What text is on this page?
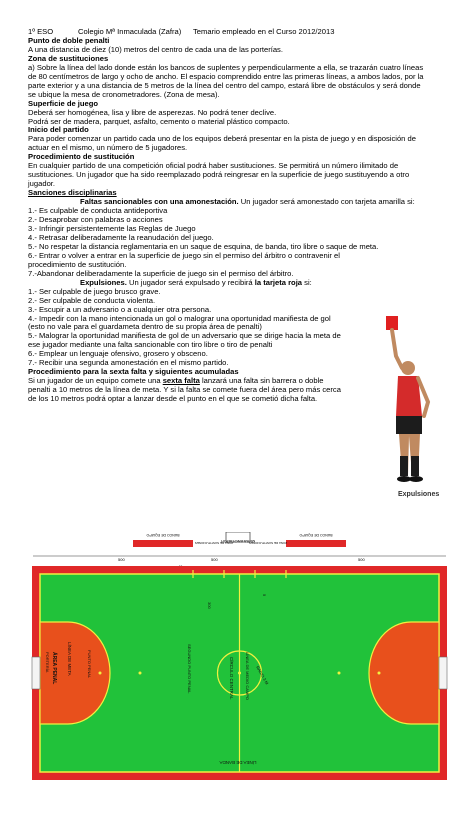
1º ESO	Colegio Mª Inmaculada (Zafra)	Temario empleado en el Curso 2012/2013

Punto de doble penalti

A una distancia de diez (10) metros del centro de cada una de las porterías.

Zona de sustituciones

a) Sobre la línea del lado donde están los bancos de suplentes y perpendicularmente a ella, se trazarán cuatro líneas

de 80 centímetros de largo y ocho de ancho. El espacio comprendido entre las primeras líneas, a ambos lados, por la

parte exterior y a una distancia de 5 metros de la línea del centro del campo, estará libre de obstáculos y será donde

se ubique la mesa de cronometradores. (Zona de mesa).

Superficie de juego

Deberá ser homogénea, lisa y libre de asperezas. No podrá tener declive.

Podrá ser de madera, parquet, asfalto, cemento o material plástico compacto.

Inicio del partido

Para poder comenzar un partido cada uno de los equipos deberá presentar en la pista de juego y en disposición de

actuar en el mismo, un número de 5 jugadores.

Procedimiento de sustitución

En cualquier partido de una competición oficial podrá haber sustituciones. Se permitirá un número ilimitado de

sustituciones. Un jugador que ha sido reemplazado podrá reingresar en la superficie de juego sustituyendo a otro

jugador.

Sanciones disciplinarias

Faltas sancionables con una amonestación. Un jugador será amonestado con tarjeta amarilla si:

1.- Es culpable de conducta antideportiva

2.- Desaprobar con palabras o acciones

3.- Infringir persistentemente las Reglas de Juego

4.- Retrasar deliberadamente la reanudación del juego.

5.- No respetar la distancia reglamentaria en un saque de esquina, de banda, tiro libre o saque de meta.

6.- Entrar o volver a entrar en la superficie de juego sin el permiso del árbitro o contravenir el

procedimiento de sustitución.

7.-Abandonar deliberadamente la superficie de juego sin el permiso del árbitro.

Expulsiones. Un jugador será expulsado y recibirá la tarjeta roja si:

1.- Ser culpable de juego brusco grave.

2.- Ser culpable de conducta violenta.

3.- Escupir a un adversario o a cualquier otra persona.

4.- Impedir con la mano intencionada un gol o malograr una oportunidad manifiesta de gol

(esto no vale para el guardameta dentro de su propia área de penalti)

5.- Malograr la oportunidad manifiesta de gol de un adversario que se dirige hacia la meta de

ese jugador mediante una falta sancionable con tiro libre o tiro de penalti

6.- Emplear un lenguaje ofensivo, grosero y obsceno.

7.- Recibir una segunda amonestación en el mismo partido.

Procedimiento para la sexta falta y siguientes acumuladas

Si un jugador de un equipo comete una sexta falta lanzará una falta sin barrera o doble

penalti a 10 metros de la línea de meta. Y si la falta se comete fuera del área pero más cerca

de los 10 metros podrá optar a lanzar desde el punto en el que se cometió dicha falta.

Expulsiones
MESA ANOTADOR
BANCO DE EQUIPO	BANCO DE EQUIPO
ZONA DE SUSTITUCIONES	ZONA DE SUSTITUCIONES
500	500	500
LÍNEA DE META
ÁREA PENAL
PORTERÍA	PUNTO PENAL	SEGUNDO PUNTO PENAL	CÍRCULO CENTRAL	LÍNEA DE MEDIO CAMPO RADIO 3 M
LÍNEA DE BANDA
300
5
